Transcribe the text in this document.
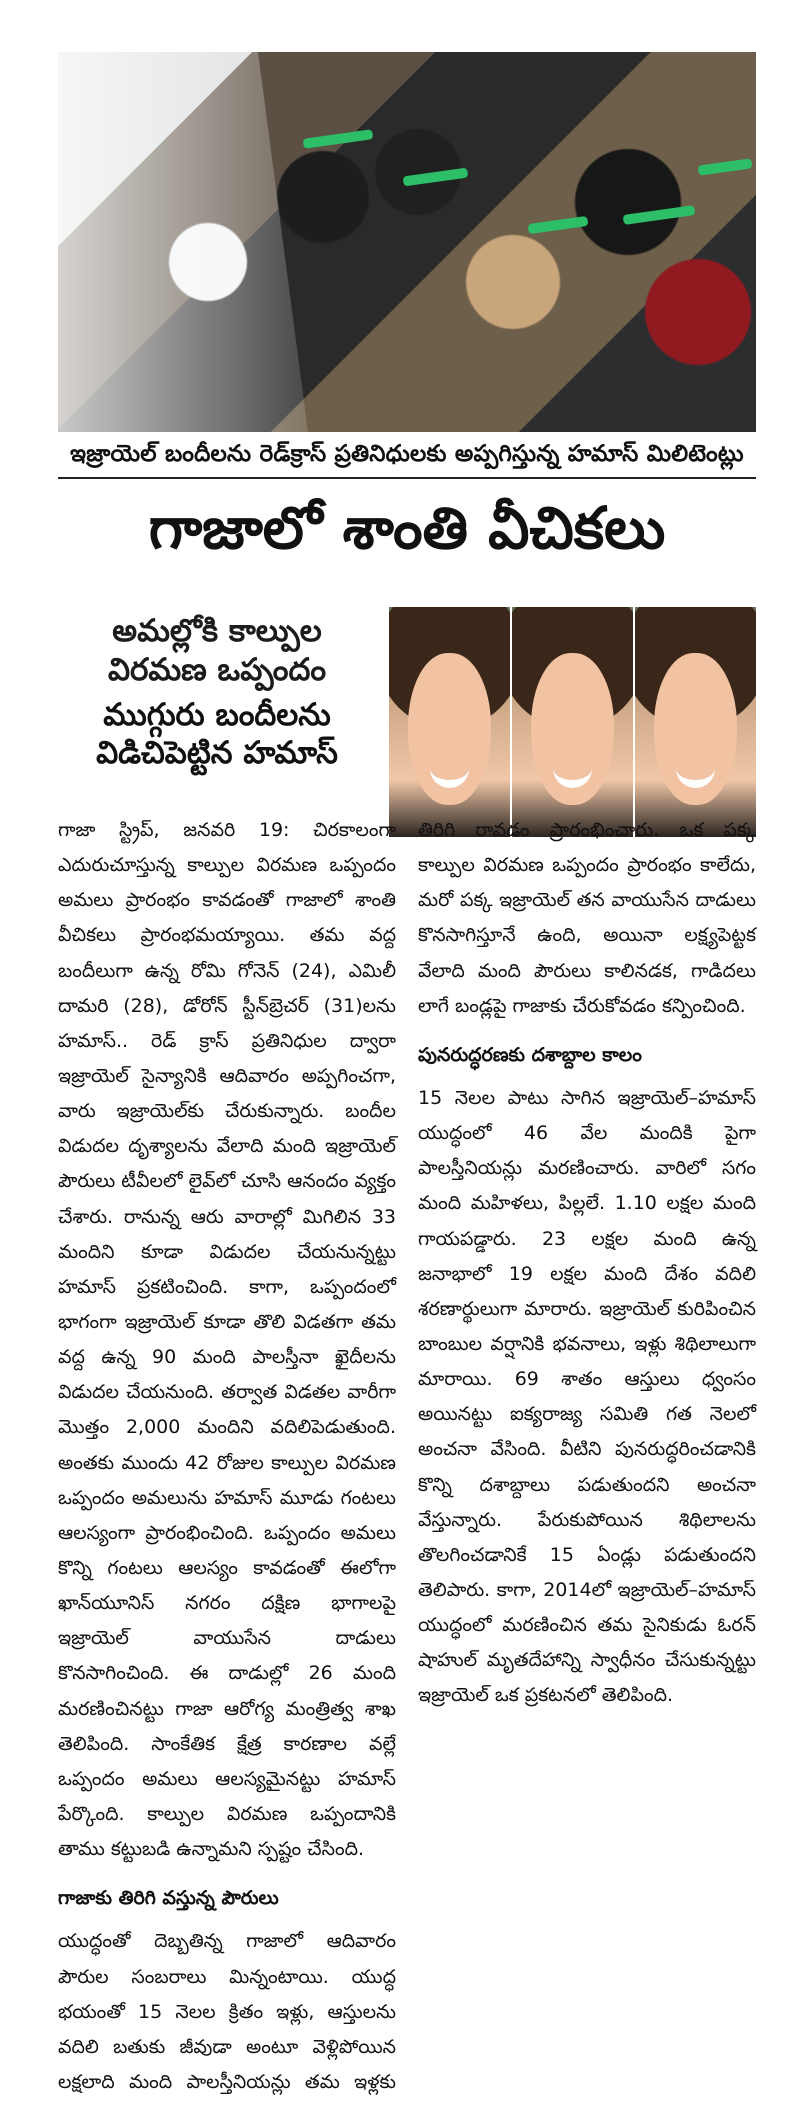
ఇజ్రాయెల్ బందీలను రెడ్‌క్రాస్ ప్రతినిధులకు అప్పగిస్తున్న హమాస్ మిలిటెంట్లు
గాజాలో శాంతి వీచికలు
అమల్లోకి కాల్పుల విరమణ ఒప్పందం
ముగ్గురు బందీలను విడిచిపెట్టిన హమాస్

గాజా స్ట్రిప్, జనవరి 19: చిరకాలంగా ఎదురుచూస్తున్న కాల్పుల విరమణ ఒప్పందం అమలు ప్రారంభం కావడంతో గాజాలో శాంతి వీచికలు ప్రారంభమయ్యాయి. తమ వద్ద బందీలుగా ఉన్న రోమి గోనెన్ (24), ఎమిలీ దామరి (28), డోరోన్ స్టీన్‌బ్రెచర్ (31)లను హమాస్.. రెడ్ క్రాస్ ప్రతినిధుల ద్వారా ఇజ్రాయెల్ సైన్యానికి ఆదివారం అప్పగించగా, వారు ఇజ్రాయెల్‌కు చేరుకున్నారు. బందీల విడుదల దృశ్యాలను వేలాది మంది ఇజ్రాయెల్ పౌరులు టీవీలలో లైవ్‌లో చూసి ఆనందం వ్యక్తం చేశారు. రానున్న ఆరు వారాల్లో మిగిలిన 33 మందిని కూడా విడుదల చేయనున్నట్టు హమాస్ ప్రకటించింది. కాగా, ఒప్పందంలో భాగంగా ఇజ్రాయెల్ కూడా తొలి విడతగా తమ వద్ద ఉన్న 90 మంది పాలస్తీనా ఖైదీలను విడుదల చేయనుంది. తర్వాత విడతల వారీగా మొత్తం 2,000 మందిని వదిలిపెడుతుంది. అంతకు ముందు 42 రోజుల కాల్పుల విరమణ ఒప్పందం అమలును హమాస్ మూడు గంటలు ఆలస్యంగా ప్రారంభించింది. ఒప్పందం అమలు కొన్ని గంటలు ఆలస్యం కావడంతో ఈలోగా ఖాన్‌యూనిస్ నగరం దక్షిణ భాగాలపై ఇజ్రాయెల్ వాయుసేన దాడులు కొనసాగించింది. ఈ దాడుల్లో 26 మంది మరణించినట్టు గాజా ఆరోగ్య మంత్రిత్వ శాఖ తెలిపింది. సాంకేతిక క్షేత్ర కారణాల వల్లే ఒప్పందం అమలు ఆలస్యమైనట్టు హమాస్ పేర్కొంది. కాల్పుల విరమణ ఒప్పందానికి తాము కట్టుబడి ఉన్నామని స్పష్టం చేసింది.

గాజాకు తిరిగి వస్తున్న పౌరులు

యుద్ధంతో దెబ్బతిన్న గాజాలో ఆదివారం పౌరుల సంబరాలు మిన్నంటాయి. యుద్ధ భయంతో 15 నెలల క్రితం ఇళ్లు, ఆస్తులను వదిలి బతుకు జీవుడా అంటూ వెళ్లిపోయిన లక్షలాది మంది పాలస్తీనియన్లు తమ ఇళ్లకు తిరిగి రావడం ప్రారంభించారు. ఒక పక్క కాల్పుల విరమణ ఒప్పందం ప్రారంభం కాలేదు, మరో పక్క ఇజ్రాయెల్ తన వాయుసేన దాడులు కొనసాగిస్తూనే ఉంది, అయినా లక్ష్యపెట్టక వేలాది మంది పౌరులు కాలినడక, గాడిదలు లాగే బండ్లపై గాజాకు చేరుకోవడం కన్పించింది.

పునరుద్ధరణకు దశాబ్దాల కాలం

15 నెలల పాటు సాగిన ఇజ్రాయెల్–హమాస్ యుద్ధంలో 46 వేల మందికి పైగా పాలస్తీనియన్లు మరణించారు. వారిలో సగం మంది మహిళలు, పిల్లలే. 1.10 లక్షల మంది గాయపడ్డారు. 23 లక్షల మంది ఉన్న జనాభాలో 19 లక్షల మంది దేశం వదిలి శరణార్థులుగా మారారు. ఇజ్రాయెల్ కురిపించిన బాంబుల వర్షానికి భవనాలు, ఇళ్లు శిథిలాలుగా మారాయి. 69 శాతం ఆస్తులు ధ్వంసం అయినట్టు ఐక్యరాజ్య సమితి గత నెలలో అంచనా వేసింది. వీటిని పునరుద్ధరించడానికి కొన్ని దశాబ్దాలు పడుతుందని అంచనా వేస్తున్నారు. పేరుకుపోయిన శిథిలాలను తొలగించడానికే 15 ఏండ్లు పడుతుందని తెలిపారు. కాగా, 2014లో ఇజ్రాయెల్–హమాస్ యుద్ధంలో మరణించిన తమ సైనికుడు ఓరన్ షాహుల్ మృతదేహాన్ని స్వాధీనం చేసుకున్నట్టు ఇజ్రాయెల్ ఒక ప్రకటనలో తెలిపింది.
